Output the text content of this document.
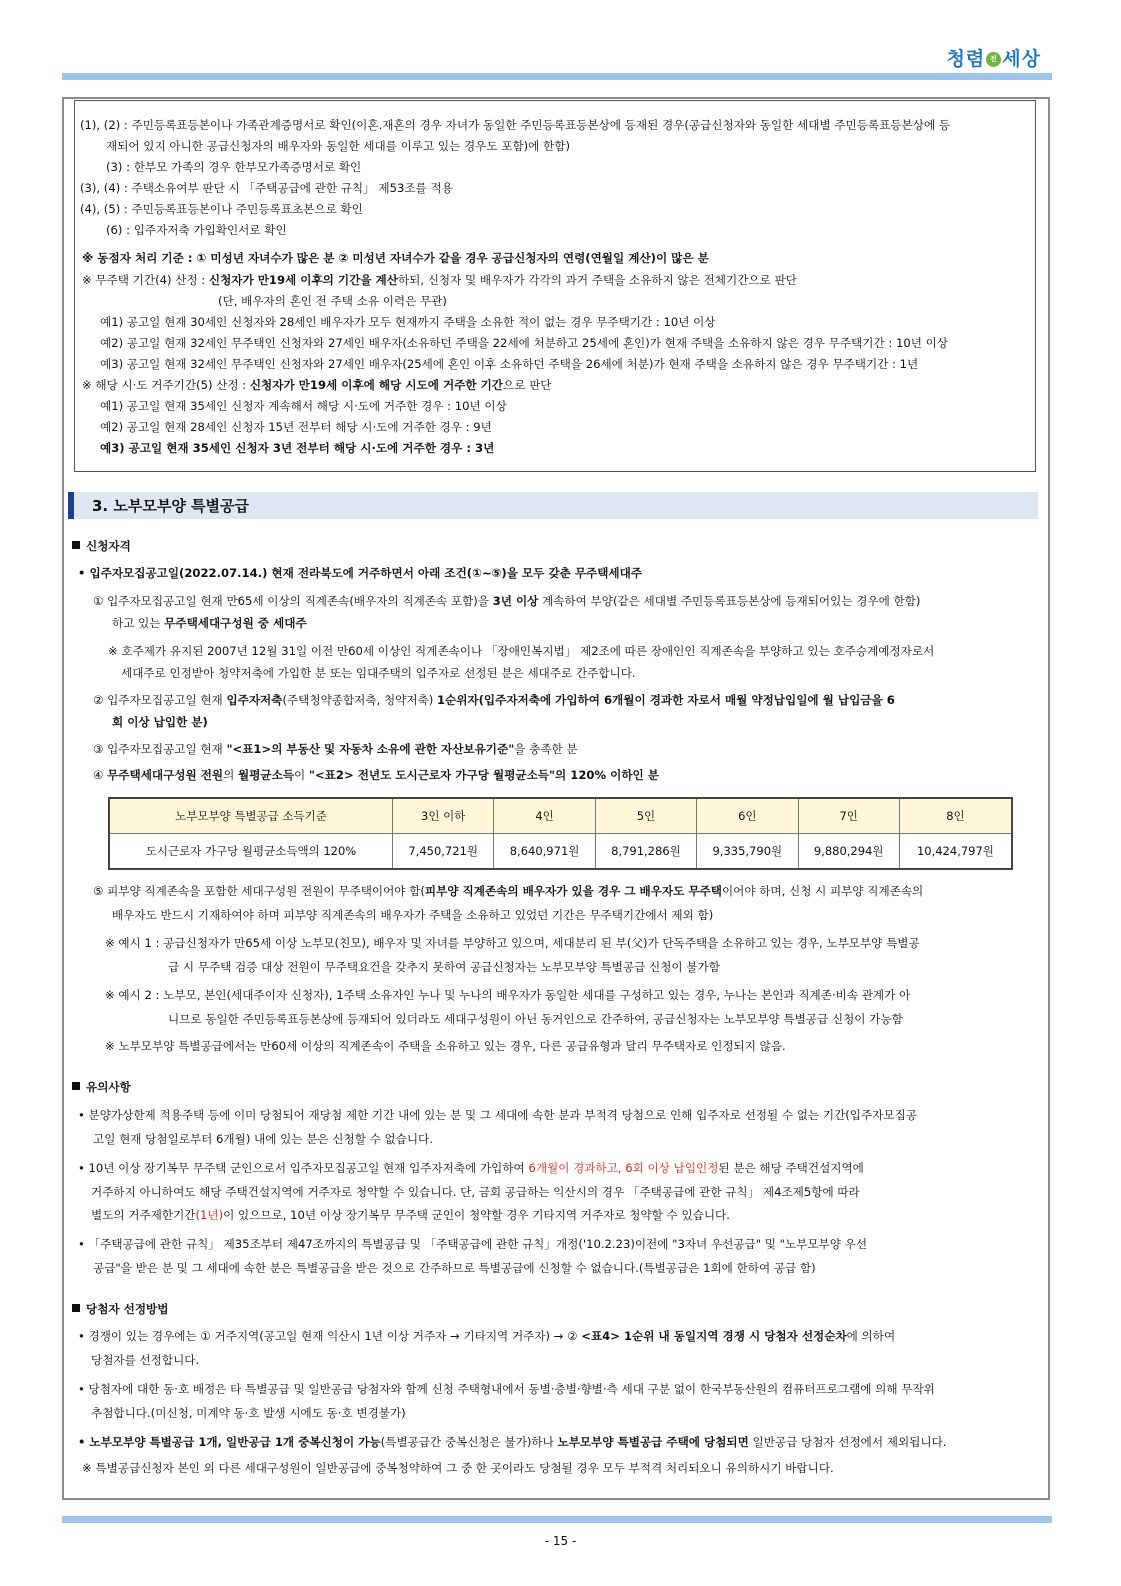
청렴 전 세상
(1), (2) : 주민등록표등본이나 가족관계증명서로 확인(이혼.재혼의 경우 자녀가 동일한 주민등록표등본상에 등재된 경우(공급신청자와 동일한 세대별 주민등록표등본상에 등
재되어 있지 아니한 공급신청자의 배우자와 동일한 세대를 이루고 있는 경우도 포함)에 한함)
(3) : 한부모 가족의 경우 한부모가족증명서로 확인
(3), (4) : 주택소유여부 판단 시 「주택공급에 관한 규칙」 제53조를 적용
(4), (5) : 주민등록표등본이나 주민등록표초본으로 확인
(6) : 입주자저축 가입확인서로 확인
※ 동점자 처리 기준 : ① 미성년 자녀수가 많은 분 ② 미성년 자녀수가 같을 경우 공급신청자의 연령(연월일 계산)이 많은 분
※ 무주택 기간(4) 산정 : 신청자가 만19세 이후의 기간을 계산하되, 신청자 및 배우자가 각각의 과거 주택을 소유하지 않은 전체기간으로 판단
(단, 배우자의 혼인 전 주택 소유 이력은 무관)
예1) 공고일 현재 30세인 신청자와 28세인 배우자가 모두 현재까지 주택을 소유한 적이 없는 경우 무주택기간 : 10년 이상
예2) 공고일 현재 32세인 무주택인 신청자와 27세인 배우자(소유하던 주택을 22세에 처분하고 25세에 혼인)가 현재 주택을 소유하지 않은 경우 무주택기간 : 10년 이상
예3) 공고일 현재 32세인 무주택인 신청자와 27세인 배우자(25세에 혼인 이후 소유하던 주택을 26세에 처분)가 현재 주택을 소유하지 않은 경우 무주택기간 : 1년
※ 해당 시·도 거주기간(5) 산정 : 신청자가 만19세 이후에 해당 시도에 거주한 기간으로 판단
예1) 공고일 현재 35세인 신청자 계속해서 해당 시·도에 거주한 경우 : 10년 이상
예2) 공고일 현재 28세인 신청자 15년 전부터 해당 시·도에 거주한 경우 : 9년
예3) 공고일 현재 35세인 신청자 3년 전부터 해당 시·도에 거주한 경우 : 3년
3. 노부모부양 특별공급
신청자격
• 입주자모집공고일(2022.07.14.) 현재 전라북도에 거주하면서 아래 조건(①~⑤)을 모두 갖춘 무주택세대주
① 입주자모집공고일 현재 만65세 이상의 직계존속(배우자의 직계존속 포함)을 3년 이상 계속하여 부양(같은 세대별 주민등록표등본상에 등재되어있는 경우에 한함)
하고 있는 무주택세대구성원 중 세대주
※ 호주제가 유지된 2007년 12월 31일 이전 만60세 이상인 직계존속이나 「장애인복지법」 제2조에 따른 장애인인 직계존속을 부양하고 있는 호주승계예정자로서
세대주로 인정받아 청약저축에 가입한 분 또는 임대주택의 입주자로 선정된 분은 세대주로 간주합니다.
② 입주자모집공고일 현재 입주자저축(주택청약종합저축, 청약저축) 1순위자(입주자저축에 가입하여 6개월이 경과한 자로서 매월 약정납입일에 월 납입금을 6
회 이상 납입한 분)
③ 입주자모집공고일 현재 "<표1>의 부동산 및 자동차 소유에 관한 자산보유기준"을 충족한 분
④ 무주택세대구성원 전원의 월평균소득이 "<표2> 전년도 도시근로자 가구당 월평균소득"의 120% 이하인 분
노부모부양 특별공급 소득기준	3인 이하	4인	5인	6인	7인	8인
도시근로자 가구당 월평균소득액의 120%	7,450,721원	8,640,971원	8,791,286원	9,335,790원	9,880,294원	10,424,797원
⑤ 피부양 직계존속을 포함한 세대구성원 전원이 무주택이어야 함(피부양 직계존속의 배우자가 있을 경우 그 배우자도 무주택이어야 하며, 신청 시 피부양 직계존속의
배우자도 반드시 기재하여야 하며 피부양 직계존속의 배우자가 주택을 소유하고 있었던 기간은 무주택기간에서 제외 함)
※ 예시 1 : 공급신청자가 만65세 이상 노부모(친모), 배우자 및 자녀를 부양하고 있으며, 세대분리 된 부(父)가 단독주택을 소유하고 있는 경우, 노부모부양 특별공
급 시 무주택 검증 대상 전원이 무주택요건을 갖추지 못하여 공급신청자는 노부모부양 특별공급 신청이 불가함
※ 예시 2 : 노부모, 본인(세대주이자 신청자), 1주택 소유자인 누나 및 누나의 배우자가 동일한 세대를 구성하고 있는 경우, 누나는 본인과 직계존·비속 관계가 아
니므로 동일한 주민등록표등본상에 등재되어 있더라도 세대구성원이 아닌 동거인으로 간주하여, 공급신청자는 노부모부양 특별공급 신청이 가능함
※ 노부모부양 특별공급에서는 만60세 이상의 직계존속이 주택을 소유하고 있는 경우, 다른 공급유형과 달리 무주택자로 인정되지 않음.
유의사항
• 분양가상한제 적용주택 등에 이미 당첨되어 재당첨 제한 기간 내에 있는 분 및 그 세대에 속한 분과 부적격 당첨으로 인해 입주자로 선정될 수 없는 기간(입주자모집공
고일 현재 당첨일로부터 6개월) 내에 있는 분은 신청할 수 없습니다.
• 10년 이상 장기복무 무주택 군인으로서 입주자모집공고일 현재 입주자저축에 가입하여 6개월이 경과하고, 6회 이상 납입인정된 분은 해당 주택건설지역에
거주하지 아니하여도 해당 주택건설지역에 거주자로 청약할 수 있습니다. 단, 금회 공급하는 익산시의 경우 「주택공급에 관한 규칙」 제4조제5항에 따라
별도의 거주제한기간(1년)이 있으므로, 10년 이상 장기복무 무주택 군인이 청약할 경우 기타지역 거주자로 청약할 수 있습니다.
• 「주택공급에 관한 규칙」 제35조부터 제47조까지의 특별공급 및 「주택공급에 관한 규칙」개정('10.2.23)이전에 "3자녀 우선공급" 및 "노부모부양 우선
공급"을 받은 분 및 그 세대에 속한 분은 특별공급을 받은 것으로 간주하므로 특별공급에 신청할 수 없습니다.(특별공급은 1회에 한하여 공급 함)
당첨자 선정방법
• 경쟁이 있는 경우에는 ① 거주지역(공고일 현재 익산시 1년 이상 거주자 → 기타지역 거주자) → ② <표4> 1순위 내 동일지역 경쟁 시 당첨자 선정순차에 의하여
당첨자를 선정합니다.
• 당첨자에 대한 동·호 배정은 타 특별공급 및 일반공급 당첨자와 함께 신청 주택형내에서 동별·층별·향별·측 세대 구분 없이 한국부동산원의 컴퓨터프로그램에 의해 무작위
추첨합니다.(미신청, 미계약 동·호 발생 시에도 동·호 변경불가)
• 노부모부양 특별공급 1개, 일반공급 1개 중복신청이 가능(특별공급간 중복신청은 불가)하나 노부모부양 특별공급 주택에 당첨되면 일반공급 당첨자 선정에서 제외됩니다.
※ 특별공급신청자 본인 외 다른 세대구성원이 일반공급에 중복청약하여 그 중 한 곳이라도 당첨될 경우 모두 부적격 처리되오니 유의하시기 바랍니다.
- 15 -
